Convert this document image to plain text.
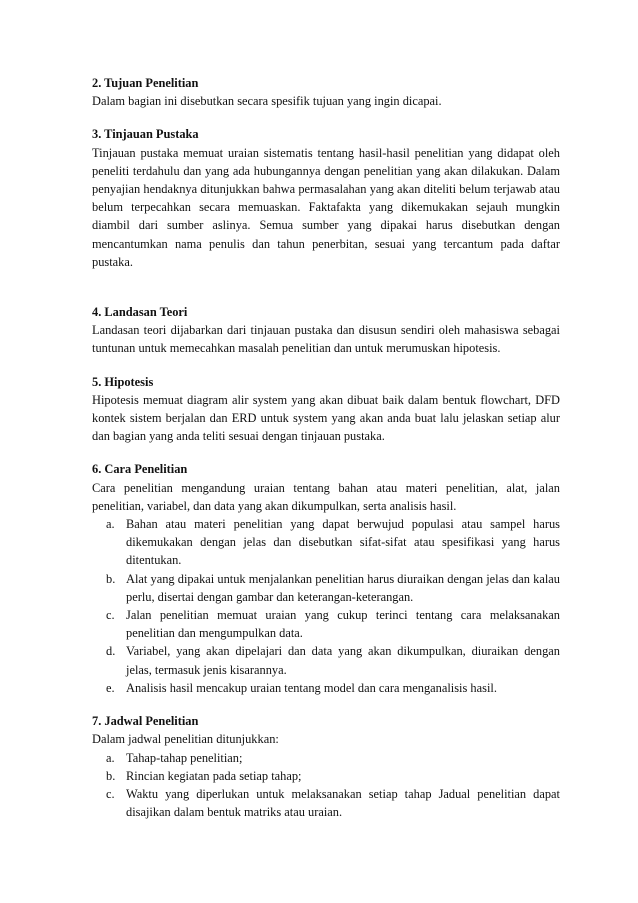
2. Tujuan Penelitian

Dalam bagian ini disebutkan secara spesifik tujuan yang ingin dicapai.

3. Tinjauan Pustaka

Tinjauan pustaka memuat uraian sistematis tentang hasil-hasil penelitian yang didapat oleh peneliti terdahulu dan yang ada hubungannya dengan penelitian yang akan dilakukan. Dalam penyajian hendaknya ditunjukkan bahwa permasalahan yang akan diteliti belum terjawab atau belum terpecahkan secara memuaskan. Faktafakta yang dikemukakan sejauh mungkin diambil dari sumber aslinya. Semua sumber yang dipakai harus disebutkan dengan mencantumkan nama penulis dan tahun penerbitan, sesuai yang tercantum pada daftar pustaka.

4. Landasan Teori

Landasan teori dijabarkan dari tinjauan pustaka dan disusun sendiri oleh mahasiswa sebagai tuntunan untuk memecahkan masalah penelitian dan untuk merumuskan hipotesis.

5. Hipotesis

Hipotesis memuat diagram alir system yang akan dibuat baik dalam bentuk flowchart, DFD kontek sistem berjalan dan ERD untuk system yang akan anda buat lalu jelaskan setiap alur dan bagian yang anda teliti sesuai dengan tinjauan pustaka.

6. Cara Penelitian

Cara penelitian mengandung uraian tentang bahan atau materi penelitian, alat, jalan penelitian, variabel, dan data yang akan dikumpulkan, serta analisis hasil.

a. Bahan atau materi penelitian yang dapat berwujud populasi atau sampel harus dikemukakan dengan jelas dan disebutkan sifat-sifat atau spesifikasi yang harus ditentukan.
b. Alat yang dipakai untuk menjalankan penelitian harus diuraikan dengan jelas dan kalau perlu, disertai dengan gambar dan keterangan-keterangan.
c. Jalan penelitian memuat uraian yang cukup terinci tentang cara melaksanakan penelitian dan mengumpulkan data.
d. Variabel, yang akan dipelajari dan data yang akan dikumpulkan, diuraikan dengan jelas, termasuk jenis kisarannya.
e. Analisis hasil mencakup uraian tentang model dan cara menganalisis hasil.

7. Jadwal Penelitian

Dalam jadwal penelitian ditunjukkan:

a. Tahap-tahap penelitian;
b. Rincian kegiatan pada setiap tahap;
c. Waktu yang diperlukan untuk melaksanakan setiap tahap Jadual penelitian dapat disajikan dalam bentuk matriks atau uraian.
